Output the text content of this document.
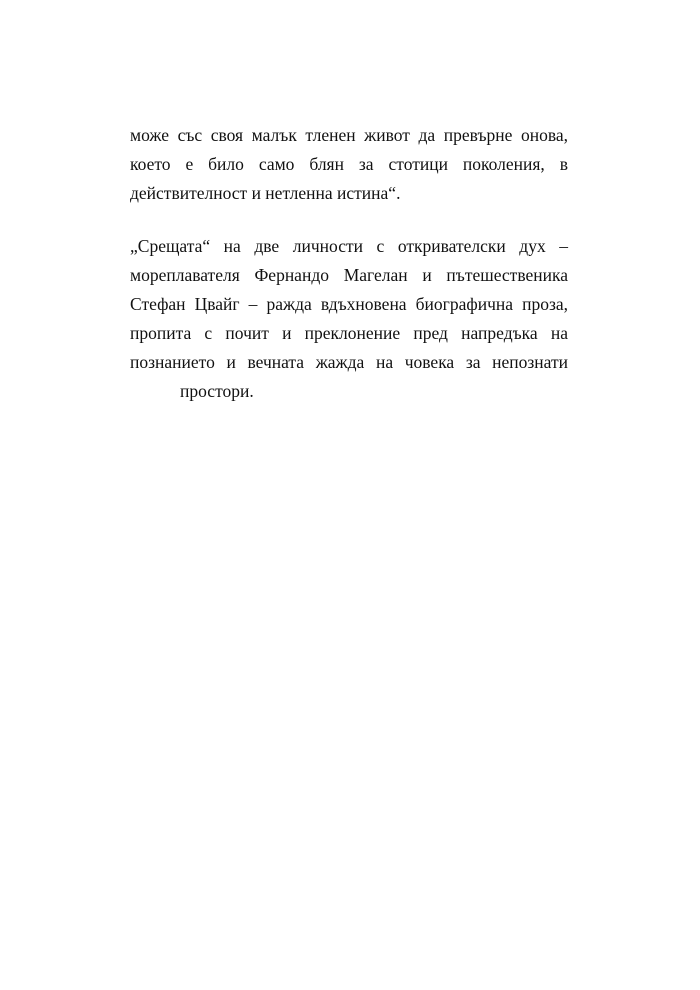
може със своя малък тленен живот да превърне онова,
което е било само блян за стотици поколения, в
действителност и нетленна истина“.
„Срещата“ на две личности с откривателски дух –
мореплавателя Фернандо Магелан и пътешественика
Стефан Цвайг – ражда вдъхновена биографична проза,
пропита с почит и преклонение пред напредъка на
познанието и вечната жажда на човека за непознати
простори.
